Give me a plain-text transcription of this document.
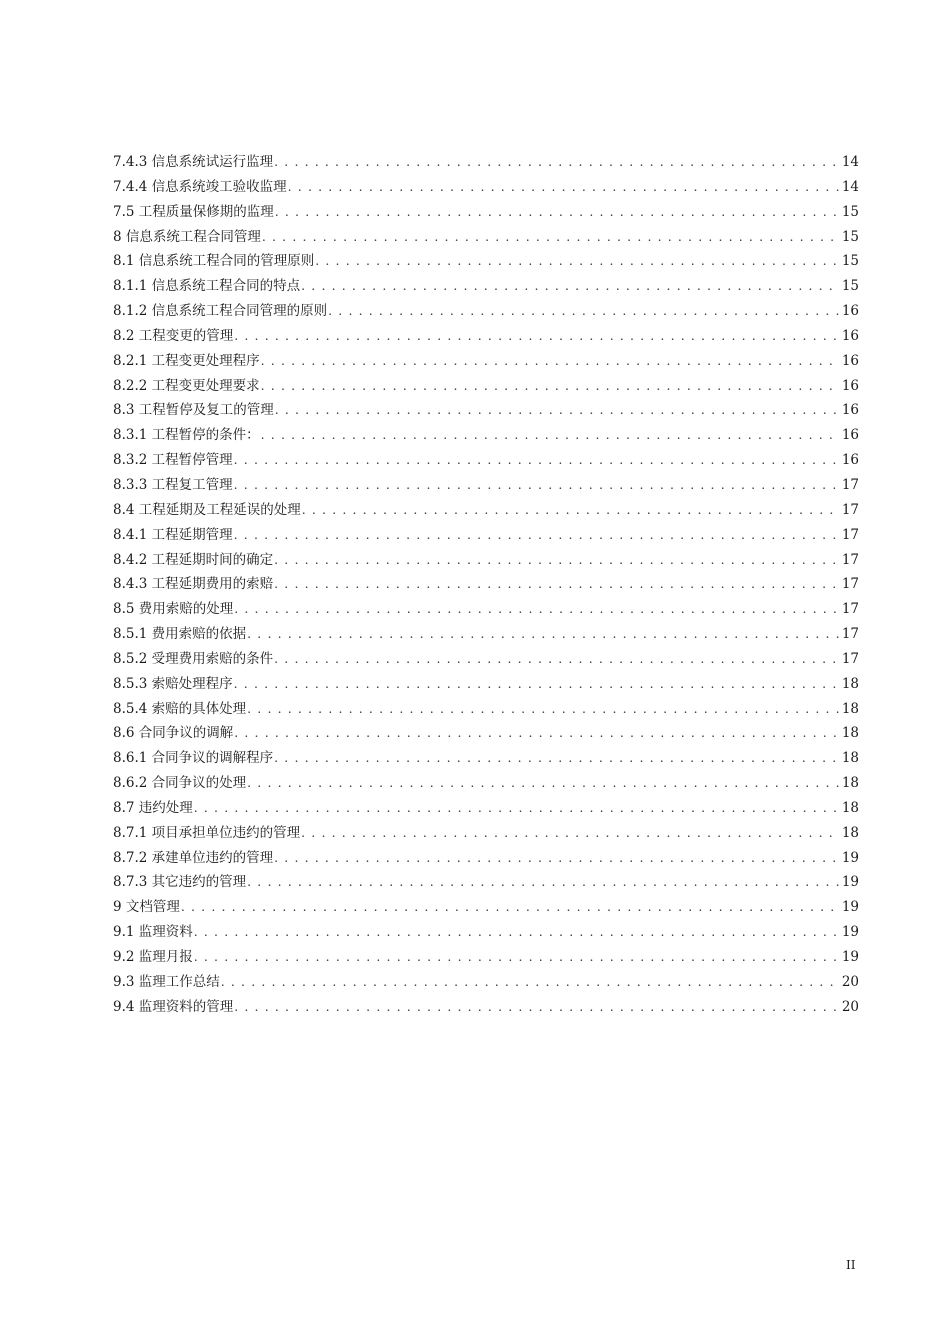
7.4.3 信息系统试运行监理 . . .	14
7.4.4 信息系统竣工验收监理 . . .	14
7.5 工程质量保修期的监理 . . .	15
8 信息系统工程合同管理 . . .	15
8.1 信息系统工程合同的管理原则 . . .	15
8.1.1 信息系统工程合同的特点 . . .	15
8.1.2 信息系统工程合同管理的原则 . . .	16
8.2 工程变更的管理 . . .	16
8.2.1 工程变更处理程序 . . .	16
8.2.2 工程变更处理要求 . . .	16
8.3 工程暂停及复工的管理 . . .	16
8.3.1 工程暂停的条件： . . .	16
8.3.2 工程暂停管理 . . .	16
8.3.3 工程复工管理 . . .	17
8.4 工程延期及工程延误的处理 . . .	17
8.4.1 工程延期管理 . . .	17
8.4.2 工程延期时间的确定 . . .	17
8.4.3 工程延期费用的索赔 . . .	17
8.5 费用索赔的处理 . . .	17
8.5.1 费用索赔的依据 . . .	17
8.5.2 受理费用索赔的条件 . . .	17
8.5.3 索赔处理程序 . . .	18
8.5.4 索赔的具体处理 . . .	18
8.6 合同争议的调解 . . .	18
8.6.1 合同争议的调解程序 . . .	18
8.6.2 合同争议的处理 . . .	18
8.7 违约处理 . . .	18
8.7.1 项目承担单位违约的管理 . . .	18
8.7.2 承建单位违约的管理 . . .	19
8.7.3 其它违约的管理 . . .	19
9 文档管理 . . .	19
9.1 监理资料 . . .	19
9.2 监理月报 . . .	19
9.3 监理工作总结 . . .	20
9.4 监理资料的管理 . . .	20
II
